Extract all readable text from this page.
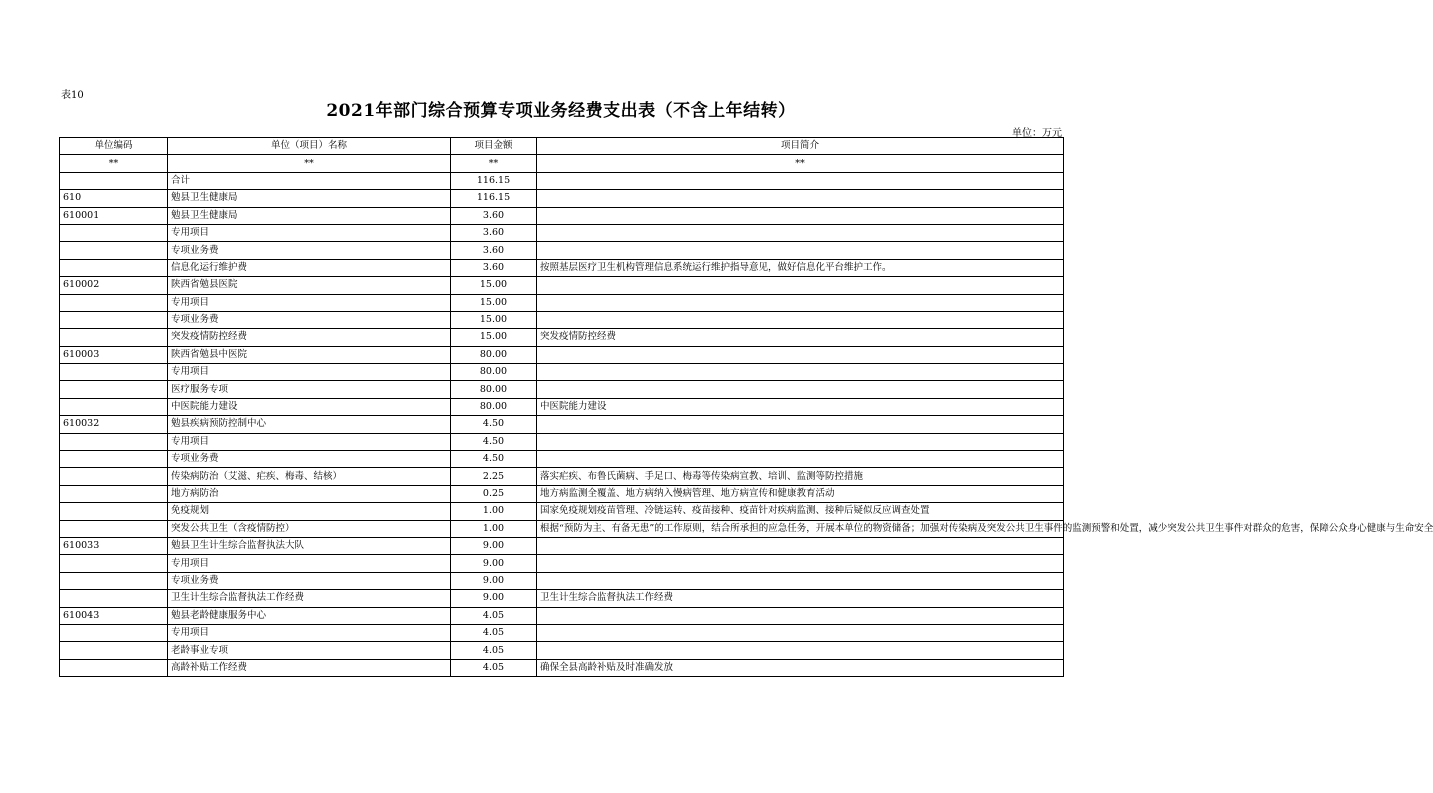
表10
2021年部门综合预算专项业务经费支出表（不含上年结转）
单位：万元
单位编码	单位（项目）名称	项目金额	项目简介
**	**	**	**
	合计	116.15	
610	勉县卫生健康局	116.15	
610001	勉县卫生健康局	3.60	
	专用项目	3.60	
	专项业务费	3.60	
	信息化运行维护费	3.60	按照基层医疗卫生机构管理信息系统运行维护指导意见，做好信息化平台维护工作。
610002	陕西省勉县医院	15.00	
	专用项目	15.00	
	专项业务费	15.00	
	突发疫情防控经费	15.00	突发疫情防控经费
610003	陕西省勉县中医院	80.00	
	专用项目	80.00	
	医疗服务专项	80.00	
	中医院能力建设	80.00	中医院能力建设
610032	勉县疾病预防控制中心	4.50	
	专用项目	4.50	
	专项业务费	4.50	
	传染病防治（艾滋、疟疾、梅毒、结核）	2.25	落实疟疾、布鲁氏菌病、手足口、梅毒等传染病宣教、培训、监测等防控措施
	地方病防治	0.25	地方病监测全覆盖、地方病纳入慢病管理、地方病宣传和健康教育活动
	免疫规划	1.00	国家免疫规划疫苗管理、冷链运转、疫苗接种、疫苗针对疾病监测、接种后疑似反应调查处置
	突发公共卫生（含疫情防控）	1.00	根据“预防为主、有备无患”的工作原则，结合所承担的应急任务，开展本单位的物资储备；加强对传染病及突发公共卫生事件的监测预警和处置，减少突发公共卫生事件对群众的危害，保障公众身心健康与生命安全
610033	勉县卫生计生综合监督执法大队	9.00	
	专用项目	9.00	
	专项业务费	9.00	
	卫生计生综合监督执法工作经费	9.00	卫生计生综合监督执法工作经费
610043	勉县老龄健康服务中心	4.05	
	专用项目	4.05	
	老龄事业专项	4.05	
	高龄补贴工作经费	4.05	确保全县高龄补贴及时准确发放
